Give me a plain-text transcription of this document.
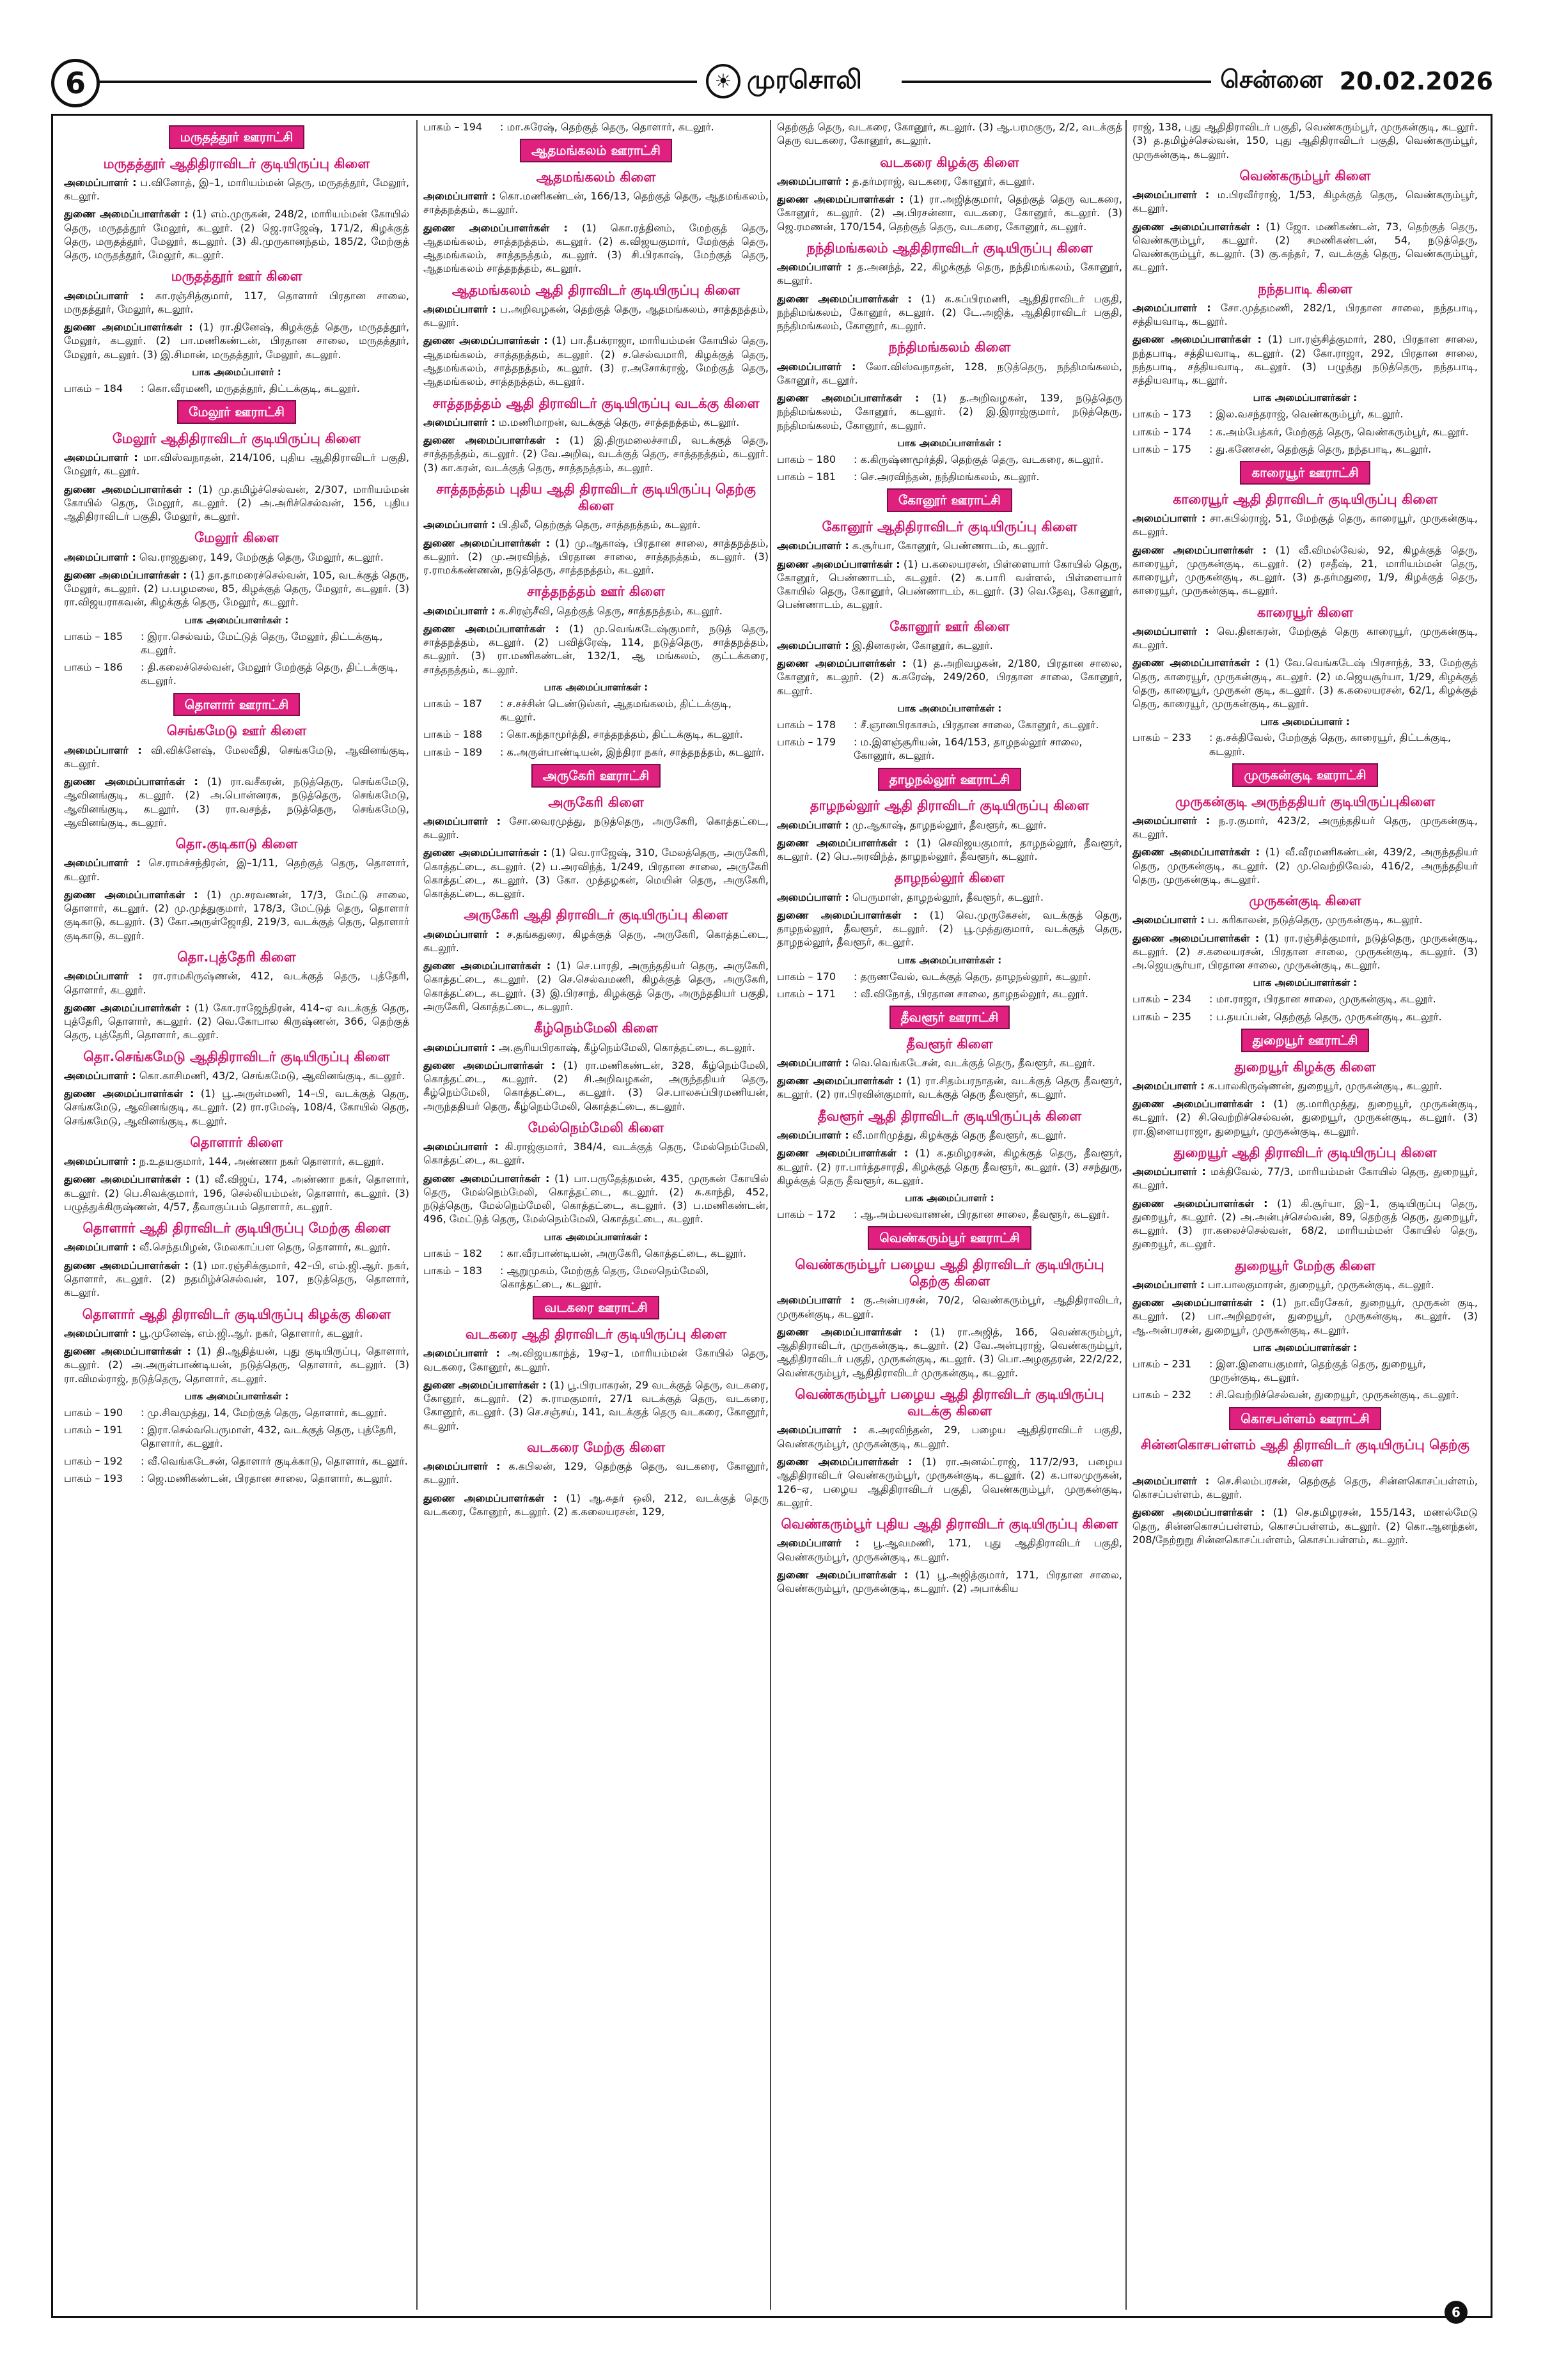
6	☀ முரசொலி	சென்னை 20.02.2026
மருதத்தூர் ஊராட்சி
மருதத்தூர் ஆதிதிராவிடர் குடியிருப்பு கிளை
அமைப்பாளர் : ப.வினோத், இ–1, மாரியம்மன் தெரு, மருதத்தூர், மேலூர், கடலூர்.
துணை அமைப்பாளர்கள் : (1) எம்.முருகன், 248/2, மாரியம்மன் கோயில் தெரு, மருதத்தூர் மேலூர், கடலூர். (2) ஜெ.ராஜேஷ், 171/2, கிழக்குத் தெரு, மருதத்தூர், மேலூர், கடலூர். (3) கி.முருகானந்தம், 185/2, மேற்குத் தெரு, மருதத்தூர், மேலூர், கடலூர்.
மருதத்தூர் ஊர் கிளை
அமைப்பாளர் : கா.ரஞ்சித்குமார், 117, தொளார் பிரதான சாலை, மருதத்தூர், மேலூர், கடலூர்.
துணை அமைப்பாளர்கள் : (1) ரா.தினேஷ், கிழக்குத் தெரு, மருதத்தூர், மேலூர், கடலூர். (2) பா.மணிகண்டன், பிரதான சாலை, மருதத்தூர், மேலூர், கடலூர். (3) இ.சிமான், மருதத்தூர், மேலூர், கடலூர்.
பாக அமைப்பாளர் :
பாகம் – 184	: கொ.வீரமணி, மருதத்தூர், திட்டக்குடி, கடலூர்.
மேலூர் ஊராட்சி
மேலூர் ஆதிதிராவிடர் குடியிருப்பு கிளை
அமைப்பாளர் : மா.விஸ்வநாதன், 214/106, புதிய ஆதிதிராவிடர் பகுதி, மேலூர், கடலூர்.
துணை அமைப்பாளர்கள் : (1) மு.தமிழ்ச்செல்வன், 2/307, மாரியம்மன் கோயில் தெரு, மேலூர், கடலூர். (2) அ.அரிச்செல்வன், 156, புதிய ஆதிதிராவிடர் பகுதி, மேலூர், கடலூர்.
மேலூர் கிளை
அமைப்பாளர் : வெ.ராஜதுரை, 149, மேற்குத் தெரு, மேலூர், கடலூர்.
துணை அமைப்பாளர்கள் : (1) தா.தாமரைச்செல்வன், 105, வடக்குத் தெரு, மேலூர், கடலூர். (2) ப.பழமலை, 85, கிழக்குத் தெரு, மேலூர், கடலூர். (3) ரா.விஜயராகவன், கிழக்குத் தெரு, மேலூர், கடலூர்.
பாக அமைப்பாளர்கள் :
பாகம் – 185	: இரா.செல்வம், மேட்டுத் தெரு, மேலூர், திட்டக்குடி, கடலூர்.
பாகம் – 186	: தி.கலைச்செல்வன், மேலூர் மேற்குத் தெரு, திட்டக்குடி, கடலூர்.
தொளார் ஊராட்சி
செங்கமேடு ஊர் கிளை
அமைப்பாளர் : வி.விக்னேஷ், மேலவீதி, செங்கமேடு, ஆவினங்குடி, கடலூர்.
துணை அமைப்பாளர்கள் : (1) ரா.வசீகரன், நடுத்தெரு, செங்கமேடு, ஆவினங்குடி, கடலூர். (2) அ.பொன்னரசு, நடுத்தெரு, செங்கமேடு, ஆவினங்குடி, கடலூர். (3) ரா.வசந்த், நடுத்தெரு, செங்கமேடு, ஆவினங்குடி, கடலூர்.
தொ.குடிகாடு கிளை
அமைப்பாளர் : செ.ராமச்சந்திரன், இ–1/11, தெற்குத் தெரு, தொளார், கடலூர்.
துணை அமைப்பாளர்கள் : (1) மு.சரவணன், 17/3, மேட்டு சாலை, தொளார், கடலூர். (2) மு.முத்துகுமார், 178/3, மேட்டுத் தெரு, தொளார் குடிகாடு, கடலூர். (3) கோ.அருள்ஜோதி, 219/3, வடக்குத் தெரு, தொளார் குடிகாடு, கடலூர்.
தொ.புத்தேரி கிளை
அமைப்பாளர் : ரா.ராமகிருஷ்ணன், 412, வடக்குத் தெரு, புத்தேரி, தொளார், கடலூர்.
துணை அமைப்பாளர்கள் : (1) கோ.ராஜேந்திரன், 414–ஏ வடக்குத் தெரு, புத்தேரி, தொளார், கடலூர். (2) வெ.கோபால கிருஷ்ணன், 366, தெற்குத் தெரு, புத்தேரி, தொளார், கடலூர்.
தொ.செங்கமேடு ஆதிதிராவிடர் குடியிருப்பு கிளை
அமைப்பாளர் : கொ.காசிமணி, 43/2, செங்கமேடு, ஆவினங்குடி, கடலூர்.
துணை அமைப்பாளர்கள் : (1) பூ.அருள்மணி, 14–பி, வடக்குத் தெரு, செங்கமேடு, ஆவினங்குடி, கடலூர். (2) ரா.ரமேஷ், 108/4, கோயில் தெரு, செங்கமேடு, ஆவினங்குடி, கடலூர்.
தொளார் கிளை
அமைப்பாளர் : ந.உதயகுமார், 144, அண்ணா நகர் தொளார், கடலூர்.
துணை அமைப்பாளர்கள் : (1) வீ.விஜய், 174, அண்ணா நகர், தொளார், கடலூர். (2) பெ.சிவக்குமார், 196, செல்லியம்மன், தொளார், கடலூர். (3) பழுத்துக்கிருஷ்ணன், 4/57, தீவாகுப்பம் தொளார், கடலூர்.
தொளார் ஆதி திராவிடர் குடியிருப்பு மேற்கு கிளை
அமைப்பாளர் : வீ.செந்தமிழன், மேலகாப்பள தெரு, தொளார், கடலூர்.
துணை அமைப்பாளர்கள் : (1) மா.ரஞ்சிக்குமார், 42–பி, எம்.ஜி.ஆர். நகர், தொளார், கடலூர். (2) நதமிழ்ச்செல்வன், 107, நடுத்தெரு, தொளார், கடலூர்.
தொளார் ஆதி திராவிடர் குடியிருப்பு கிழக்கு கிளை
அமைப்பாளர் : பூ.முனேஷ், எம்.ஜி.ஆர். நகர், தொளார், கடலூர்.
துணை அமைப்பாளர்கள் : (1) தி.ஆதித்யன், புது குடியிருப்பு, தொளார், கடலூர். (2) அ.அருள்பாண்டியன், நடுத்தெரு, தொளார், கடலூர். (3) ரா.விமல்ராஜ், நடுத்தெரு, தொளார், கடலூர்.
பாக அமைப்பாளர்கள் :
பாகம் – 190	: மு.சிவமுத்து, 14, மேற்குத் தெரு, தொளார், கடலூர்.
பாகம் – 191	: இரா.செல்வபெருமாள், 432, வடக்குத் தெரு, புத்தேரி, தொளார், கடலூர்.
பாகம் – 192	: வீ.வெங்கடேசன், தொளார் குடிக்காடு, தொளார், கடலூர்.
பாகம் – 193	: ஜெ.மணிகண்டன், பிரதான சாலை, தொளார், கடலூர்.
பாகம் – 194	: மா.சுரேஷ், தெற்குத் தெரு, தொளார், கடலூர்.
ஆதமங்கலம் ஊராட்சி
ஆதமங்கலம் கிளை
அமைப்பாளர் : கொ.மணிகண்டன், 166/13, தெற்குத் தெரு, ஆதமங்கலம், சாத்தநத்தம், கடலூர்.
துணை அமைப்பாளர்கள் : (1) கொ.ரத்தினம், மேற்குத் தெரு, ஆதமங்கலம், சாத்தநத்தம், கடலூர். (2) க.விஜயகுமார், மேற்குத் தெரு, ஆதமங்கலம், சாத்தநத்தம், கடலூர். (3) சி.பிரகாஷ், மேற்குத் தெரு, ஆதமங்கலம் சாத்தநத்தம், கடலூர்.
ஆதமங்கலம் ஆதி திராவிடர் குடியிருப்பு கிளை
அமைப்பாளர் : ப.அறிவழகன், தெற்குத் தெரு, ஆதமங்கலம், சாத்தநத்தம், கடலூர்.
துணை அமைப்பாளர்கள் : (1) பா.தீபக்ராஜா, மாரியம்மன் கோயில் தெரு, ஆதமங்கலம், சாத்தநத்தம், கடலூர். (2) ச.செல்வமாரி, கிழக்குத் தெரு, ஆதமங்கலம், சாத்தநத்தம், கடலூர். (3) ர.அசோக்ராஜ், மேற்குத் தெரு, ஆதமங்கலம், சாத்தநத்தம், கடலூர்.
சாத்தநத்தம் ஆதி திராவிடர் குடியிருப்பு வடக்கு கிளை
அமைப்பாளர் : ம.மணிமாறன், வடக்குத் தெரு, சாத்தநத்தம், கடலூர்.
துணை அமைப்பாளர்கள் : (1) இ.திருமலைச்சாமி, வடக்குத் தெரு, சாத்தநத்தம், கடலூர். (2) வே.அறிவு, வடக்குத் தெரு, சாத்தநத்தம், கடலூர். (3) கா.கரன், வடக்குத் தெரு, சாத்தநத்தம், கடலூர்.
சாத்தநத்தம் புதிய ஆதி திராவிடர் குடியிருப்பு தெற்கு கிளை
அமைப்பாளர் : பி.திலீ, தெற்குத் தெரு, சாத்தநத்தம், கடலூர்.
துணை அமைப்பாளர்கள் : (1) மு.ஆகாஷ், பிரதான சாலை, சாத்தநத்தம், கடலூர். (2) மு.அரவிந்த், பிரதான சாலை, சாத்தநத்தம், கடலூர். (3) ர.ராமக்கண்ணன், நடுத்தெரு, சாத்தநத்தம், கடலூர்.
சாத்தநத்தம் ஊர் கிளை
அமைப்பாளர் : க.சிரஞ்சீவி, தெற்குத் தெரு, சாத்தநத்தம், கடலூர்.
துணை அமைப்பாளர்கள் : (1) மு.வெங்கடேஷ்குமார், நடுத் தெரு, சாத்தநத்தம், கடலூர். (2) பவித்ரேஷ், 114, நடுத்தெரு, சாத்தநத்தம், கடலூர். (3) ரா.மணிகண்டன், 132/1, ஆ மங்கலம், குட்டக்கரை, சாத்தநத்தம், கடலூர்.
பாக அமைப்பாளர்கள் :
பாகம் – 187	: ச.சச்சின் டெண்டுல்கர், ஆதமங்கலம், திட்டக்குடி, கடலூர்.
பாகம் – 188	: கொ.கந்தாமூர்த்தி, சாத்தநத்தம், திட்டக்குடி, கடலூர்.
பாகம் – 189	: க.அருள்பாண்டியன், இந்திரா நகர், சாத்தநத்தம், கடலூர்.
அருகேரி ஊராட்சி
அருகேரி கிளை
அமைப்பாளர் : சோ.வைரமுத்து, நடுத்தெரு, அருகேரி, கொத்தட்டை, கடலூர்.
துணை அமைப்பாளர்கள் : (1) வெ.ராஜேஷ், 310, மேலத்தெரு, அருகேரி, கொத்தட்டை, கடலூர். (2) ப.அரவிந்த், 1/249, பிரதான சாலை, அருகேரி கொத்தட்டை, கடலூர். (3) கோ. முத்தழகன், மெயின் தெரு, அருகேரி, கொத்தட்டை, கடலூர்.
அருகேரி ஆதி திராவிடர் குடியிருப்பு கிளை
அமைப்பாளர் : ச.தங்கதுரை, கிழக்குத் தெரு, அருகேரி, கொத்தட்டை, கடலூர்.
துணை அமைப்பாளர்கள் : (1) செ.பாரதி, அருந்ததியர் தெரு, அருகேரி, கொத்தட்டை, கடலூர். (2) செ.செல்வமணி, கிழக்குத் தெரு, அருகேரி, கொத்தட்டை, கடலூர். (3) இ.பிரசாந், கிழக்குத் தெரு, அருந்ததியர் பகுதி, அருகேரி, கொத்தட்டை, கடலூர்.
கீழ்நெம்மேலி கிளை
அமைப்பாளர் : அ.சூரியபிரகாஷ், கீழ்நெம்மேலி, கொத்தட்டை, கடலூர்.
துணை அமைப்பாளர்கள் : (1) ரா.மணிகண்டன், 328, கீழ்நெம்மேலி, கொத்தட்டை, கடலூர். (2) சி.அறிவழகன், அருந்ததியர் தெரு, கீழ்நெம்மேலி, கொத்தட்டை, கடலூர். (3) செ.பாலசுப்பிரமணியன், அருந்ததியர் தெரு, கீழ்நெம்மேலி, கொத்தட்டை, கடலூர்.
மேல்நெம்மேலி கிளை
அமைப்பாளர் : கி.ராஜ்குமார், 384/4, வடக்குத் தெரு, மேல்நெம்மேலி, கொத்தட்டை, கடலூர்.
துணை அமைப்பாளர்கள் : (1) பா.பருதேத்தமன், 435, முருகன் கோயில் தெரு, மேல்நெம்மேலி, கொத்தட்டை, கடலூர். (2) சு.காந்தி, 452, நடுத்தெரு, மேல்நெம்மேலி, கொத்தட்டை, கடலூர். (3) ப.மணிகண்டன், 496, மேட்டுத் தெரு, மேல்நெம்மேலி, கொத்தட்டை, கடலூர்.
பாக அமைப்பாளர்கள் :
பாகம் – 182	: கா.வீரபாண்டியன், அருகேரி, கொத்தட்டை, கடலூர்.
பாகம் – 183	: ஆறுமுகம், மேற்குத் தெரு, மேலநெம்மேலி, கொத்தட்டை, கடலூர்.
வடகரை ஊராட்சி
வடகரை ஆதி திராவிடர் குடியிருப்பு கிளை
அமைப்பாளர் : அ.விஜயகாந்த், 19ஏ–1, மாரியம்மன் கோயில் தெரு, வடகரை, கோனூர், கடலூர்.
துணை அமைப்பாளர்கள் : (1) பூ.பிரபாகரன், 29 வடக்குத் தெரு, வடகரை, கோனூர், கடலூர். (2) சு.ராமகுமார், 27/1 வடக்குத் தெரு, வடகரை, கோனூர், கடலூர். (3) செ.சஞ்சய், 141, வடக்குத் தெரு வடகரை, கோனூர், கடலூர்.
வடகரை மேற்கு கிளை
அமைப்பாளர் : க.கபிலன், 129, தெற்குத் தெரு, வடகரை, கோனூர், கடலூர்.
துணை அமைப்பாளர்கள் : (1) ஆ.சுதர் ஒலி, 212, வடக்குத் தெரு வடகரை, கோனூர், கடலூர். (2) க.கலையரசன், 129,
தெற்குத் தெரு, வடகரை, கோனூர், கடலூர். (3) ஆ.பரமகுரு, 2/2, வடக்குத் தெரு வடகரை, கோனூர், கடலூர்.
வடகரை கிழக்கு கிளை
அமைப்பாளர் : த.தர்மராஜ், வடகரை, கோனூர், கடலூர்.
துணை அமைப்பாளர்கள் : (1) ரா.அஜித்குமார், தெற்குத் தெரு வடகரை, கோனூர், கடலூர். (2) அ.பிரசன்னா, வடகரை, கோனூர், கடலூர். (3) ஜெ.ரமணன், 170/154, தெற்குத் தெரு, வடகரை, கோனூர், கடலூர்.
நந்திமங்கலம் ஆதிதிராவிடர் குடியிருப்பு கிளை
அமைப்பாளர் : த.அனந்த், 22, கிழக்குத் தெரு, நந்திமங்கலம், கோனூர், கடலூர்.
துணை அமைப்பாளர்கள் : (1) க.சுப்பிரமணி, ஆதிதிராவிடர் பகுதி, நந்திமங்கலம், கோனூர், கடலூர். (2) டே.அஜித், ஆதிதிராவிடர் பகுதி, நந்திமங்கலம், கோனூர், கடலூர்.
நந்திமங்கலம் கிளை
அமைப்பாளர் : லோ.விஸ்வநாதன், 128, நடுத்தெரு, நந்திமங்கலம், கோனூர், கடலூர்.
துணை அமைப்பாளர்கள் : (1) த.அறிவழகன், 139, நடுத்தெரு நந்திமங்கலம், கோனூர், கடலூர். (2) இ.இராஜ்குமார், நடுத்தெரு, நந்திமங்கலம், கோனூர், கடலூர்.
பாக அமைப்பாளர்கள் :
பாகம் – 180	: க.கிருஷ்ணமூர்த்தி, தெற்குத் தெரு, வடகரை, கடலூர்.
பாகம் – 181	: செ.அரவிந்தன், நந்திமங்கலம், கடலூர்.
கோனூர் ஊராட்சி
கோனூர் ஆதிதிராவிடர் குடியிருப்பு கிளை
அமைப்பாளர் : க.சூர்யா, கோனூர், பெண்ணாடம், கடலூர்.
துணை அமைப்பாளர்கள் : (1) ப.கலையரசன், பிள்ளையார் கோயில் தெரு, கோனூர், பெண்ணாடம், கடலூர். (2) க.பாரி வள்ளல், பிள்ளையார் கோயில் தெரு, கோனூர், பெண்ணாடம், கடலூர். (3) வெ.தேவு, கோனூர், பெண்ணாடம், கடலூர்.
கோனூர் ஊர் கிளை
அமைப்பாளர் : இ.தினகரன், கோனூர், கடலூர்.
துணை அமைப்பாளர்கள் : (1) த.அறிவழகன், 2/180, பிரதான சாலை, கோனூர், கடலூர். (2) க.சுரேஷ், 249/260, பிரதான சாலை, கோனூர், கடலூர்.
பாக அமைப்பாளர்கள் :
பாகம் – 178	: சீ.ஞானபிரகாசம், பிரதான சாலை, கோனூர், கடலூர்.
பாகம் – 179	: ம.இளஞ்சூரியன், 164/153, தாழநல்லூர் சாலை, கோனூர், கடலூர்.
தாழநல்லூர் ஊராட்சி
தாழநல்லூர் ஆதி திராவிடர் குடியிருப்பு கிளை
அமைப்பாளர் : மு.ஆகாஷ், தாழநல்லூர், தீவளூர், கடலூர்.
துணை அமைப்பாளர்கள் : (1) செவிஜயகுமார், தாழநல்லூர், தீவளூர், கடலூர். (2) பெ.அரவிந்த், தாழநல்லூர், தீவளூர், கடலூர்.
தாழநல்லூர் கிளை
அமைப்பாளர் : பெருமாள், தாழநல்லூர், தீவளூர், கடலூர்.
துணை அமைப்பாளர்கள் : (1) வெ.முருகேசன், வடக்குத் தெரு, தாழநல்லூர், தீவளூர், கடலூர். (2) பூ.முத்துகுமார், வடக்குத் தெரு, தாழநல்லூர், தீவளூர், கடலூர்.
பாக அமைப்பாளர்கள் :
பாகம் – 170	: தருணவேல், வடக்குத் தெரு, தாழநல்லூர், கடலூர்.
பாகம் – 171	: வீ.விநோத், பிரதான சாலை, தாழநல்லூர், கடலூர்.
தீவளூர் ஊராட்சி
தீவளூர் கிளை
அமைப்பாளர் : வெ.வெங்கடேசன், வடக்குத் தெரு, தீவளூர், கடலூர்.
துணை அமைப்பாளர்கள் : (1) ரா.சிதம்பரநாதன், வடக்குத் தெரு தீவளூர், கடலூர். (2) ரா.பிரவின்குமார், வடக்குத் தெரு தீவளூர், கடலூர்.
தீவளூர் ஆதி திராவிடர் குடியிருப்புக் கிளை
அமைப்பாளர் : வீ.மாரிமுத்து, கிழக்குத் தெரு தீவளூர், கடலூர்.
துணை அமைப்பாளர்கள் : (1) க.தமிழரசன், கிழக்குத் தெரு, தீவளூர், கடலூர். (2) ரா.பார்த்தசாரதி, கிழக்குத் தெரு தீவளூர், கடலூர். (3) சசந்துரு, கிழக்குத் தெரு தீவளூர், கடலூர்.
பாக அமைப்பாளர் :
பாகம் – 172	: ஆ.அம்பலவாணன், பிரதான சாலை, தீவளூர், கடலூர்.
வெண்கரும்பூர் ஊராட்சி
வெண்கரும்பூர் பழைய ஆதி திராவிடர் குடியிருப்பு தெற்கு கிளை
அமைப்பாளர் : கு.அன்பரசன், 70/2, வெண்கரும்பூர், ஆதிதிராவிடர், முருகன்குடி, கடலூர்.
துணை அமைப்பாளர்கள் : (1) ரா.அஜித், 166, வெண்கரும்பூர், ஆதிதிராவிடர், முருகன்குடி, கடலூர். (2) வே.அன்புராஜ், வெண்கரும்பூர், ஆதிதிராவிடர் பகுதி, முருகன்குடி, கடலூர். (3) பொ.அழகுதரன், 22/2/22, வெண்கரும்பூர், ஆதிதிராவிடர் முருகன்குடி, கடலூர்.
வெண்கரும்பூர் பழைய ஆதி திராவிடர் குடியிருப்பு வடக்கு கிளை
அமைப்பாளர் : க.அரவிந்தன், 29, பழைய ஆதிதிராவிடர் பகுதி, வெண்கரும்பூர், முருகன்குடி, கடலூர்.
துணை அமைப்பாளர்கள் : (1) ரா.அனல்ட்ராஜ், 117/2/93, பழைய ஆதிதிராவிடர் வெண்கரும்பூர், முருகன்குடி, கடலூர். (2) க.பாலமுருகன், 126–ஏ, பழைய ஆதிதிராவிடர் பகுதி, வெண்கரும்பூர், முருகன்குடி, கடலூர்.
வெண்கரும்பூர் புதிய ஆதி திராவிடர் குடியிருப்பு கிளை
அமைப்பாளர் : பூ.ஆவமணி, 171, புது ஆதிதிராவிடர் பகுதி, வெண்கரும்பூர், முருகன்குடி, கடலூர்.
துணை அமைப்பாளர்கள் : (1) பூ.அஜித்குமார், 171, பிரதான சாலை, வெண்கரும்பூர், முருகன்குடி, கடலூர். (2) அபாக்கிய
ராஜ், 138, புது ஆதிதிராவிடர் பகுதி, வெண்கரும்பூர், முருகன்குடி, கடலூர். (3) த.தமிழ்ச்செல்வன், 150, புது ஆதிதிராவிடர் பகுதி, வெண்கரும்பூர், முருகன்குடி, கடலூர்.
வெண்கரும்பூர் கிளை
அமைப்பாளர் : ம.பிரவீர்ராஜ், 1/53, கிழக்குத் தெரு, வெண்கரும்பூர், கடலூர்.
துணை அமைப்பாளர்கள் : (1) ஜோ. மணிகண்டன், 73, தெற்குத் தெரு, வெண்கரும்பூர், கடலூர். (2) சமணிகண்டன், 54, நடுத்தெரு, வெண்கரும்பூர், கடலூர். (3) கு.கந்தர், 7, வடக்குத் தெரு, வெண்கரும்பூர், கடலூர்.
நந்தபாடி கிளை
அமைப்பாளர் : சோ.முத்தமணி, 282/1, பிரதான சாலை, நந்தபாடி, சத்தியவாடி, கடலூர்.
துணை அமைப்பாளர்கள் : (1) பா.ரஞ்சித்குமார், 280, பிரதான சாலை, நந்தபாடி, சத்தியவாடி, கடலூர். (2) கோ.ராஜா, 292, பிரதான சாலை, நந்தபாடி, சத்தியவாடி, கடலூர். (3) பழுத்து நடுத்தெரு, நந்தபாடி, சத்தியவாடி, கடலூர்.
பாக அமைப்பாளர்கள் :
பாகம் – 173	: இல.வசந்தராஜ், வெண்கரும்பூர், கடலூர்.
பாகம் – 174	: க.அம்பேத்கர், மேற்குத் தெரு, வெண்கரும்பூர், கடலூர்.
பாகம் – 175	: து.கணேசன், தெற்குத் தெரு, நந்தபாடி, கடலூர்.
காரையூர் ஊராட்சி
காரையூர் ஆதி திராவிடர் குடியிருப்பு கிளை
அமைப்பாளர் : சா.கபில்ராஜ், 51, மேற்குத் தெரு, காரையூர், முருகன்குடி, கடலூர்.
துணை அமைப்பாளர்கள் : (1) வீ.விமல்வேல், 92, கிழக்குத் தெரு, காரையூர், முருகன்குடி, கடலூர். (2) ரசதீஷ், 21, மாரியம்மன் தெரு, காரையூர், முருகன்குடி, கடலூர். (3) த.தர்மதுரை, 1/9, கிழக்குத் தெரு, காரையூர், முருகன்குடி, கடலூர்.
காரையூர் கிளை
அமைப்பாளர் : வெ.தினகரன், மேற்குத் தெரு காரையூர், முருகன்குடி, கடலூர்.
துணை அமைப்பாளர்கள் : (1) வே.வெங்கடேஷ் பிரசாந்த், 33, மேற்குத் தெரு, காரையூர், முருகன்குடி, கடலூர். (2) ம.ஜெயசூர்யா, 1/29, கிழக்குத் தெரு, காரையூர், முருகன் குடி, கடலூர். (3) க.கலையரசன், 62/1, கிழக்குத் தெரு, காரையூர், முருகன்குடி, கடலூர்.
பாக அமைப்பாளர் :
பாகம் – 233	: த.சக்திவேல், மேற்குத் தெரு, காரையூர், திட்டக்குடி, கடலூர்.
முருகன்குடி ஊராட்சி
முருகன்குடி அருந்ததியர் குடியிருப்புகிளை
அமைப்பாளர் : ந.ர.குமார், 423/2, அருந்ததியர் தெரு, முருகன்குடி, கடலூர்.
துணை அமைப்பாளர்கள் : (1) வீ.வீரமணிகண்டன், 439/2, அருந்ததியர் தெரு, முருகன்குடி, கடலூர். (2) மு.வெற்றிவேல், 416/2, அருந்ததியர் தெரு, முருகன்குடி, கடலூர்.
முருகன்குடி கிளை
அமைப்பாளர் : ப. சுரிகாலன், நடுத்தெரு, முருகன்குடி, கடலூர்.
துணை அமைப்பாளர்கள் : (1) ரா.ரஞ்சித்குமார், நடுத்தெரு, முருகன்குடி, கடலூர். (2) ச.கலையரசன், பிரதான சாலை, முருகன்குடி, கடலூர். (3) அ.ஜெயசூர்யா, பிரதான சாலை, முருகன்குடி, கடலூர்.
பாக அமைப்பாளர்கள் :
பாகம் – 234	: மா.ராஜா, பிரதான சாலை, முருகன்குடி, கடலூர்.
பாகம் – 235	: ப.தயப்பன், தெற்குத் தெரு, முருகன்குடி, கடலூர்.
துறையூர் ஊராட்சி
துறையூர் கிழக்கு கிளை
அமைப்பாளர் : க.பாலகிருஷ்ணன், துறையூர், முருகன்குடி, கடலூர்.
துணை அமைப்பாளர்கள் : (1) கு.மாரிமுத்து, துறையூர், முருகன்குடி, கடலூர். (2) சி.வெற்றிச்செல்வன், துறையூர், முருகன்குடி, கடலூர். (3) ரா.இளையராஜா, துறையூர், முருகன்குடி, கடலூர்.
துறையூர் ஆதி திராவிடர் குடியிருப்பு கிளை
அமைப்பாளர் : மக்திவேல், 77/3, மாரியம்மன் கோயில் தெரு, துறையூர், கடலூர்.
துணை அமைப்பாளர்கள் : (1) கி.சூர்யா, இ–1, குடியிருப்பு தெரு, துறையூர், கடலூர். (2) அ.அன்புச்செல்வன், 89, தெற்குத் தெரு, துறையூர், கடலூர். (3) ரா.கலைச்செல்வன், 68/2, மாரியம்மன் கோயில் தெரு, துறையூர், கடலூர்.
துறையூர் மேற்கு கிளை
அமைப்பாளர் : பா.பாலகுமாரன், துறையூர், முருகன்குடி, கடலூர்.
துணை அமைப்பாளர்கள் : (1) நா.வீரசேகர், துறையூர், முருகன் குடி, கடலூர். (2) பா.அறிஹரன், துறையூர், முருகன்குடி, கடலூர். (3) ஆ.அன்பரசன், துறையூர், முருகன்குடி, கடலூர்.
பாக அமைப்பாளர்கள் :
பாகம் – 231	: இள.இளையகுமார், தெற்குத் தெரு, துறையூர், முருன்குடி, கடலூர்.
பாகம் – 232	: சி.வெற்றிச்செல்வன், துறையூர், முருகன்குடி, கடலூர்.
கொசபள்ளம் ஊராட்சி
சின்னகொசபள்ளம் ஆதி திராவிடர் குடியிருப்பு தெற்கு கிளை
அமைப்பாளர் : செ.சிலம்பரசன், தெற்குத் தெரு, சின்னகொசப்பள்ளம், கொசப்பள்ளம், கடலூர்.
துணை அமைப்பாளர்கள் : (1) செ.தமிழரசன், 155/143, மணல்மேடு தெரு, சின்னகொசப்பள்ளம், கொசப்பள்ளம், கடலூர். (2) கொ.ஆனந்தன், 208/நேற்றுறு சின்னகொசப்பள்ளம், கொசப்பள்ளம், கடலூர்.
6
